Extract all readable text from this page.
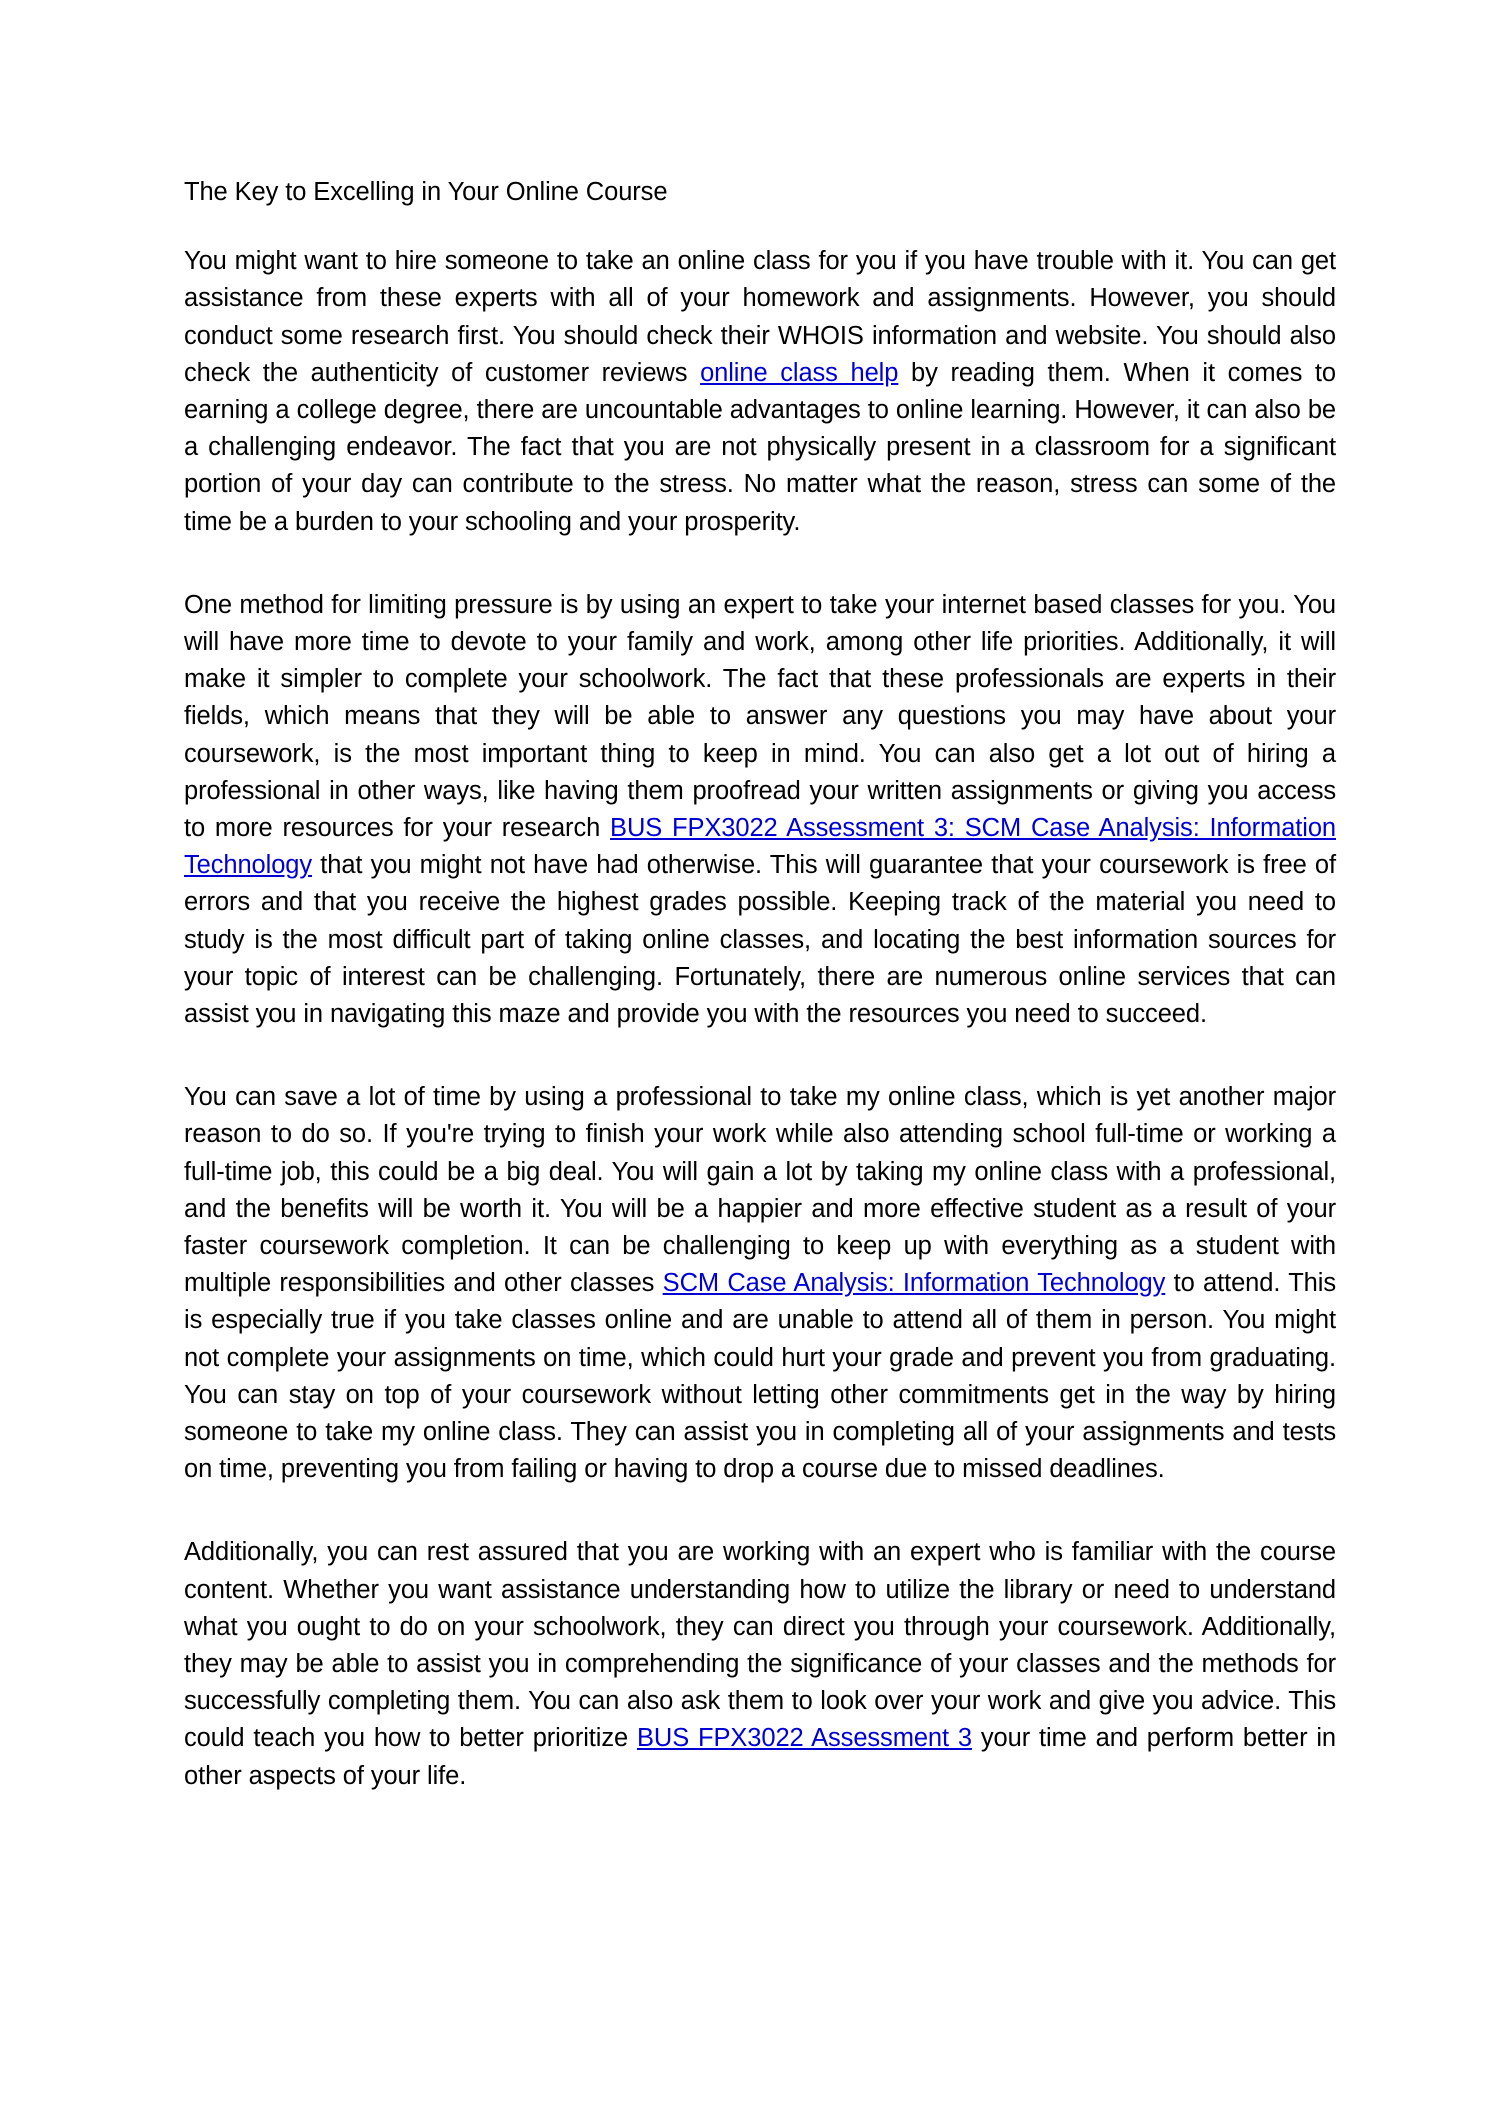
The Key to Excelling in Your Online Course

You might want to hire someone to take an online class for you if you have trouble with it. You can get assistance from these experts with all of your homework and assignments. However, you should conduct some research first. You should check their WHOIS information and website. You should also check the authenticity of customer reviews online class help by reading them. When it comes to earning a college degree, there are uncountable advantages to online learning. However, it can also be a challenging endeavor. The fact that you are not physically present in a classroom for a significant portion of your day can contribute to the stress. No matter what the reason, stress can some of the time be a burden to your schooling and your prosperity.

One method for limiting pressure is by using an expert to take your internet based classes for you. You will have more time to devote to your family and work, among other life priorities. Additionally, it will make it simpler to complete your schoolwork. The fact that these professionals are experts in their fields, which means that they will be able to answer any questions you may have about your coursework, is the most important thing to keep in mind. You can also get a lot out of hiring a professional in other ways, like having them proofread your written assignments or giving you access to more resources for your research BUS FPX3022 Assessment 3: SCM Case Analysis: Information Technology that you might not have had otherwise. This will guarantee that your coursework is free of errors and that you receive the highest grades possible. Keeping track of the material you need to study is the most difficult part of taking online classes, and locating the best information sources for your topic of interest can be challenging. Fortunately, there are numerous online services that can assist you in navigating this maze and provide you with the resources you need to succeed.

You can save a lot of time by using a professional to take my online class, which is yet another major reason to do so. If you're trying to finish your work while also attending school full-time or working a full-time job, this could be a big deal. You will gain a lot by taking my online class with a professional, and the benefits will be worth it. You will be a happier and more effective student as a result of your faster coursework completion. It can be challenging to keep up with everything as a student with multiple responsibilities and other classes SCM Case Analysis: Information Technology to attend. This is especially true if you take classes online and are unable to attend all of them in person. You might not complete your assignments on time, which could hurt your grade and prevent you from graduating. You can stay on top of your coursework without letting other commitments get in the way by hiring someone to take my online class. They can assist you in completing all of your assignments and tests on time, preventing you from failing or having to drop a course due to missed deadlines.

Additionally, you can rest assured that you are working with an expert who is familiar with the course content. Whether you want assistance understanding how to utilize the library or need to understand what you ought to do on your schoolwork, they can direct you through your coursework. Additionally, they may be able to assist you in comprehending the significance of your classes and the methods for successfully completing them. You can also ask them to look over your work and give you advice. This could teach you how to better prioritize BUS FPX3022 Assessment 3 your time and perform better in other aspects of your life.
